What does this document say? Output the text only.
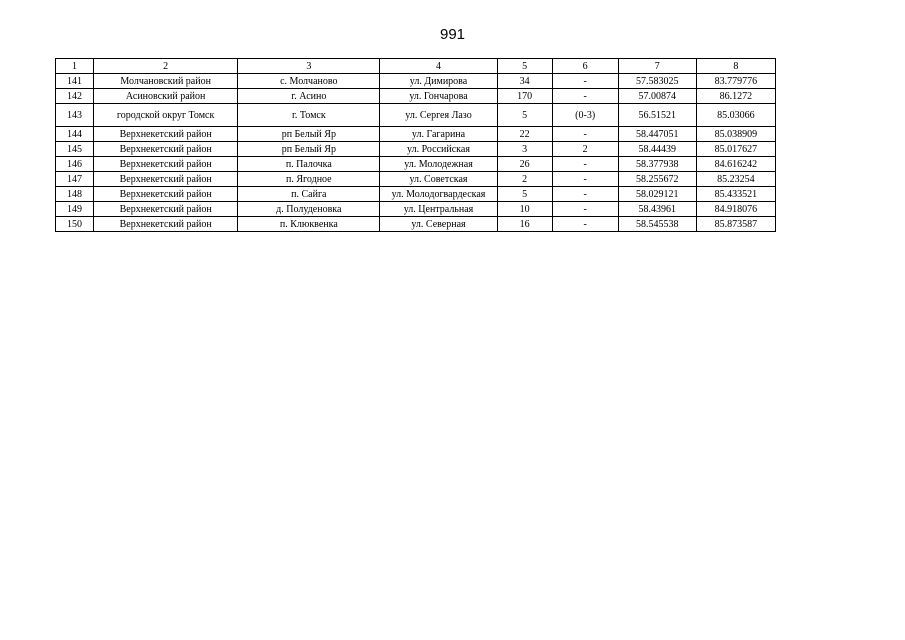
991
1	2	3	4	5	6	7	8
141	Молчановский район	с. Молчаново	ул. Димирова	34	-	57.583025	83.779776
142	Асиновский район	г. Асино	ул. Гончарова	170	-	57.00874	86.1272
143	городской округ Томск	г. Томск	ул. Сергея Лазо	5	(0-3)	56.51521	85.03066
144	Верхнекетский район	рп Белый Яр	ул. Гагарина	22	-	58.447051	85.038909
145	Верхнекетский район	рп Белый Яр	ул. Российская	3	2	58.44439	85.017627
146	Верхнекетский район	п. Палочка	ул. Молодежная	26	-	58.377938	84.616242
147	Верхнекетский район	п. Ягодное	ул. Советская	2	-	58.255672	85.23254
148	Верхнекетский район	п. Сайга	ул. Молодогвардеская	5	-	58.029121	85.433521
149	Верхнекетский район	д. Полуденовка	ул. Центральная	10	-	58.43961	84.918076
150	Верхнекетский район	п. Клюквенка	ул. Северная	16	-	58.545538	85.873587
